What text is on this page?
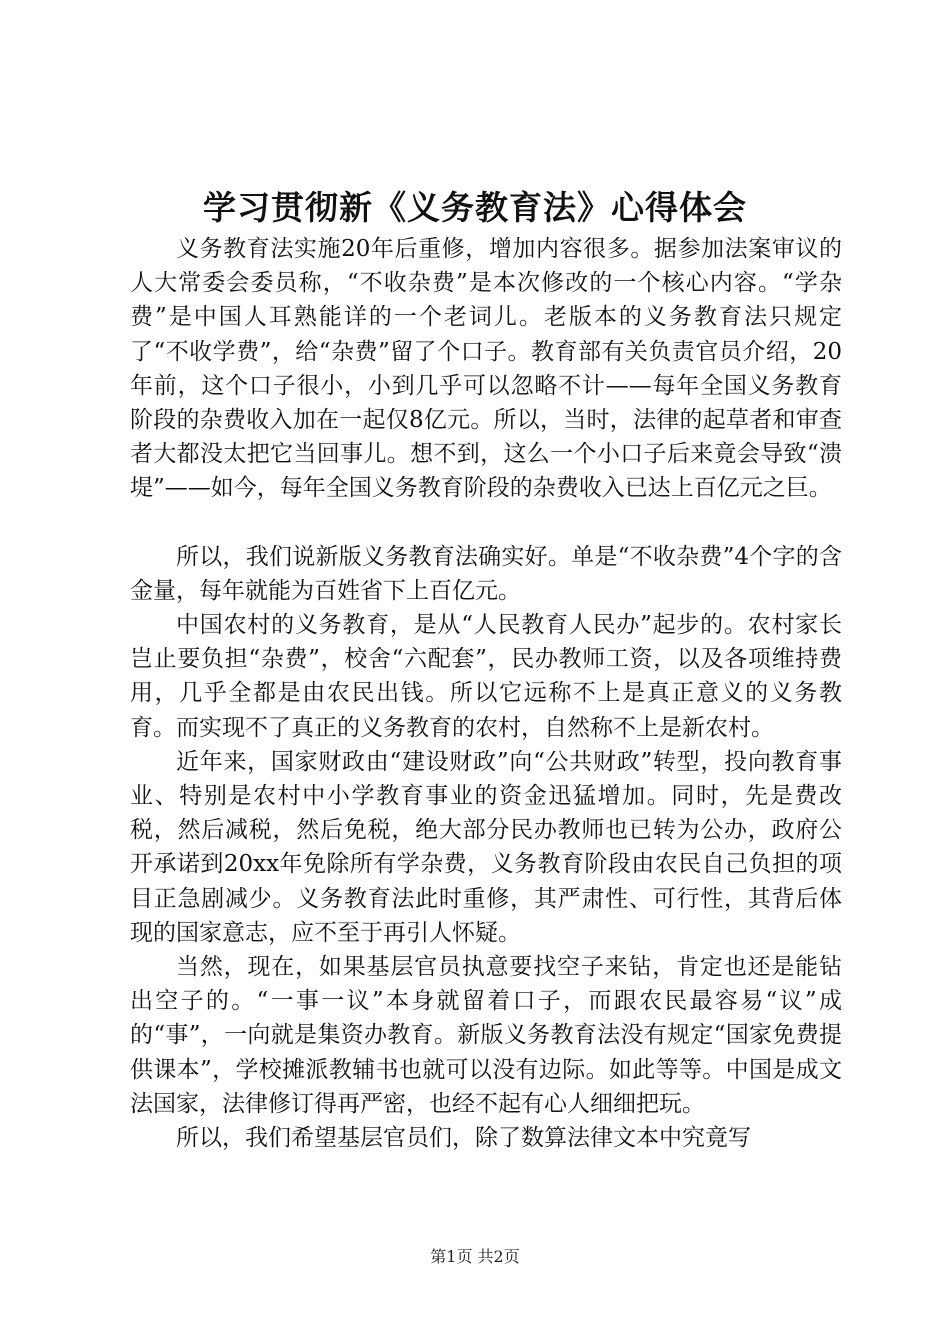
学习贯彻新《义务教育法》心得体会

义务教育法实施20年后重修，增加内容很多。据参加法案审议的人大常委会委员称，“不收杂费”是本次修改的一个核心内容。“学杂费”是中国人耳熟能详的一个老词儿。老版本的义务教育法只规定了“不收学费”，给“杂费”留了个口子。教育部有关负责官员介绍，20年前，这个口子很小，小到几乎可以忽略不计——每年全国义务教育阶段的杂费收入加在一起仅8亿元。所以，当时，法律的起草者和审查者大都没太把它当回事儿。想不到，这么一个小口子后来竟会导致“溃堤”——如今，每年全国义务教育阶段的杂费收入已达上百亿元之巨。

所以，我们说新版义务教育法确实好。单是“不收杂费”4个字的含金量，每年就能为百姓省下上百亿元。

中国农村的义务教育，是从“人民教育人民办”起步的。农村家长岂止要负担“杂费”，校舍“六配套”，民办教师工资，以及各项维持费用，几乎全都是由农民出钱。所以它远称不上是真正意义的义务教育。而实现不了真正的义务教育的农村，自然称不上是新农村。

近年来，国家财政由“建设财政”向“公共财政”转型，投向教育事业、特别是农村中小学教育事业的资金迅猛增加。同时，先是费改税，然后减税，然后免税，绝大部分民办教师也已转为公办，政府公开承诺到20xx年免除所有学杂费，义务教育阶段由农民自己负担的项目正急剧减少。义务教育法此时重修，其严肃性、可行性，其背后体现的国家意志，应不至于再引人怀疑。

当然，现在，如果基层官员执意要找空子来钻，肯定也还是能钻出空子的。“一事一议”本身就留着口子，而跟农民最容易“议”成的“事”，一向就是集资办教育。新版义务教育法没有规定“国家免费提供课本”，学校摊派教辅书也就可以没有边际。如此等等。中国是成文法国家，法律修订得再严密，也经不起有心人细细把玩。

所以，我们希望基层官员们，除了数算法律文本中究竟写

第1页 共2页
